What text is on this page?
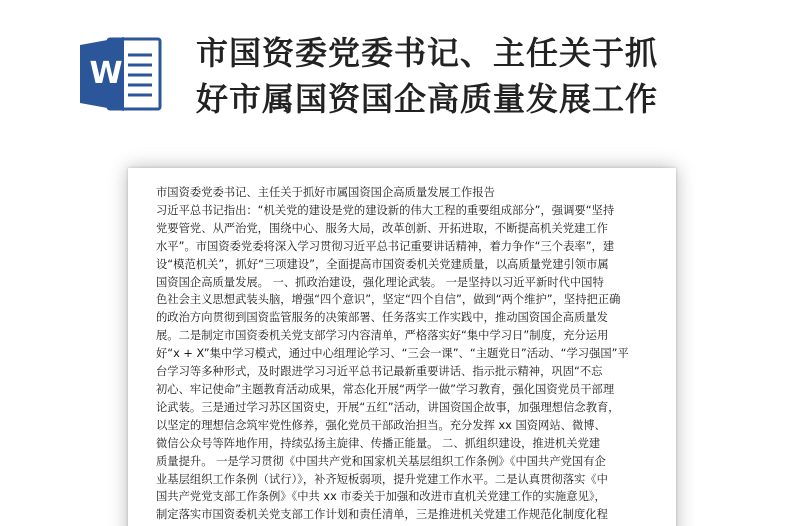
W
市国资委党委书记、主任关于抓
好市属国资国企高质量发展工作
市国资委党委书记、主任关于抓好市属国资国企高质量发展工作报告
习近平总书记指出：“机关党的建设是党的建设新的伟大工程的重要组成部分”，强调要“坚持
党要管党、从严治党，围绕中心、服务大局，改革创新、开拓进取，不断提高机关党建工作
水平”。市国资委党委将深入学习贯彻习近平总书记重要讲话精神，着力争作“三个表率”，建
设“模范机关”，抓好“三项建设”，全面提高市国资委机关党建质量，以高质量党建引领市属
国资国企高质量发展。 一、抓政治建设，强化理论武装。 一是坚持以习近平新时代中国特
色社会主义思想武装头脑，增强“四个意识”，坚定“四个自信”，做到“两个维护”，坚持把正确
的政治方向贯彻到国资监管服务的决策部署、任务落实工作实践中，推动国资国企高质量发
展。二是制定市国资委机关党支部学习内容清单，严格落实好“集中学习日”制度，充分运用
好“x + X”集中学习模式，通过中心组理论学习、“三会一课”、“主题党日”活动、“学习强国”平
台学习等多种形式，及时跟进学习习近平总书记最新重要讲话、指示批示精神，巩固“不忘
初心、牢记使命”主题教育活动成果，常态化开展“两学一做”学习教育，强化国资党员干部理
论武装。三是通过学习苏区国资史，开展“五红”活动，讲国资国企故事，加强理想信念教育，
以坚定的理想信念筑牢党性修养，强化党员干部政治担当。充分发挥 xx 国资网站、微博、
微信公众号等阵地作用，持续弘扬主旋律、传播正能量。 二、抓组织建设，推进机关党建
质量提升。 一是学习贯彻《中国共产党和国家机关基层组织工作条例》《中国共产党国有企
业基层组织工作条例（试行）》，补齐短板弱项，提升党建工作水平。二是认真贯彻落实《中
国共产党党支部工作条例》《中共 xx 市委关于加强和改进市直机关党建工作的实施意见》，
制定落实市国资委机关党支部工作计划和责任清单，三是推进机关党建工作规范化制度化程
